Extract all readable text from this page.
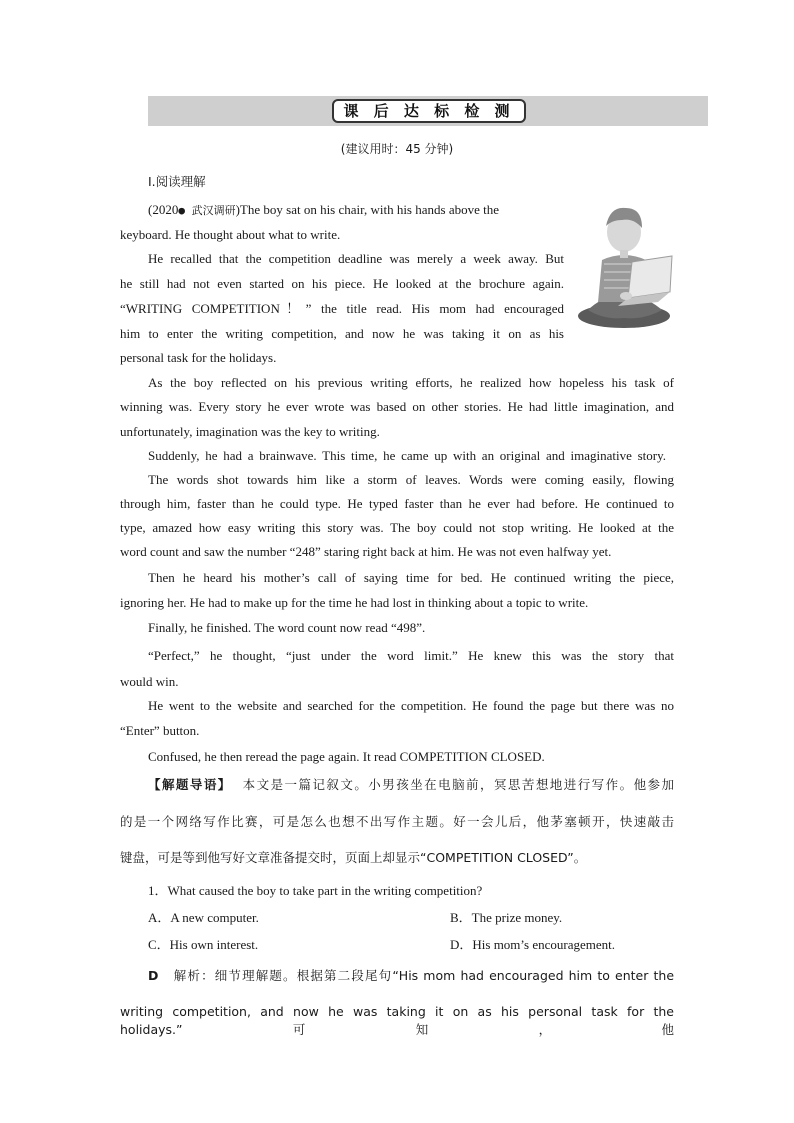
课 后 达 标 检 测
(建议用时：45 分钟)
Ⅰ.阅读理解
(2020● 武汉调研)The boy sat on his chair, with his hands above the
keyboard. He thought about what to write.
He recalled that the competition deadline was merely a week away. But
he still had not even started on his piece. He looked at the brochure again.
“WRITING COMPETITION！” the title read. His mom had encouraged
him to enter the writing competition, and now he was taking it on as his
personal task for the holidays.
As the boy reflected on his previous writing efforts, he realized how hopeless his task of
winning was. Every story he ever wrote was based on other stories. He had little imagination, and
unfortunately, imagination was the key to writing.
Suddenly, he had a brainwave. This time, he came up with an original and imaginative story.
The words shot towards him like a storm of leaves. Words were coming easily, flowing
through him, faster than he could type. He typed faster than he ever had before. He continued to
type, amazed how easy writing this story was. The boy could not stop writing. He looked at the
word count and saw the number “248” staring right back at him. He was not even halfway yet.
Then he heard his mother’s call of saying time for bed. He continued writing the piece,
ignoring her. He had to make up for the time he had lost in thinking about a topic to write.
Finally, he finished. The word count now read “498”.
“Perfect,” he thought, “just under the word limit.” He knew this was the story that
would win.
He went to the website and searched for the competition. He found the page but there was no
“Enter” button.
Confused, he then reread the page again. It read COMPETITION CLOSED.
【解题导语】 本文是一篇记叙文。小男孩坐在电脑前，冥思苦想地进行写作。他参加
的是一个网络写作比赛，可是怎么也想不出写作主题。好一会儿后，他茅塞顿开，快速敲击
键盘，可是等到他写好文章准备提交时，页面上却显示“COMPETITION CLOSED”。
1．What caused the boy to take part in the writing competition?
A．A new computer.	B．The prize money.
C．His own interest.	D．His mom’s encouragement.
D 解析：细节理解题。根据第二段尾句“His mom had encouraged him to enter the
writing competition, and now he was taking it on as his personal task for the holidays.”可知，他
